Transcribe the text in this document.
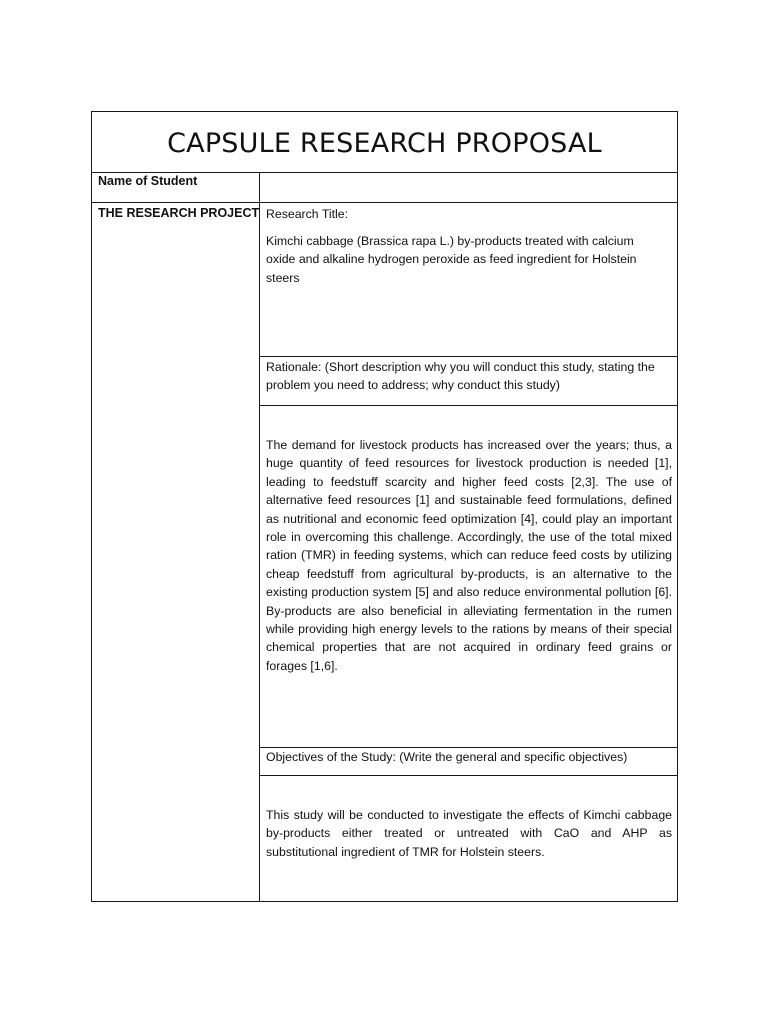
CAPSULE RESEARCH PROPOSAL
Name of Student
THE RESEARCH PROJECT Research Title:
Kimchi cabbage (Brassica rapa L.) by-products treated with calcium oxide and alkaline hydrogen peroxide as feed ingredient for Holstein steers
Rationale: (Short description why you will conduct this study, stating the problem you need to address; why conduct this study)
The demand for livestock products has increased over the years; thus, a huge quantity of feed resources for livestock production is needed [1], leading to feedstuff scarcity and higher feed costs [2,3]. The use of alternative feed resources [1] and sustainable feed formulations, defined as nutritional and economic feed optimization [4], could play an important role in overcoming this challenge. Accordingly, the use of the total mixed ration (TMR) in feeding systems, which can reduce feed costs by utilizing cheap feedstuff from agricultural by-products, is an alternative to the existing production system [5] and also reduce environmental pollution [6]. By-products are also beneficial in alleviating fermentation in the rumen while providing high energy levels to the rations by means of their special chemical properties that are not acquired in ordinary feed grains or forages [1,6].
Objectives of the Study: (Write the general and specific objectives)
This study will be conducted to investigate the effects of Kimchi cabbage by-products either treated or untreated with CaO and AHP as substitutional ingredient of TMR for Holstein steers.
